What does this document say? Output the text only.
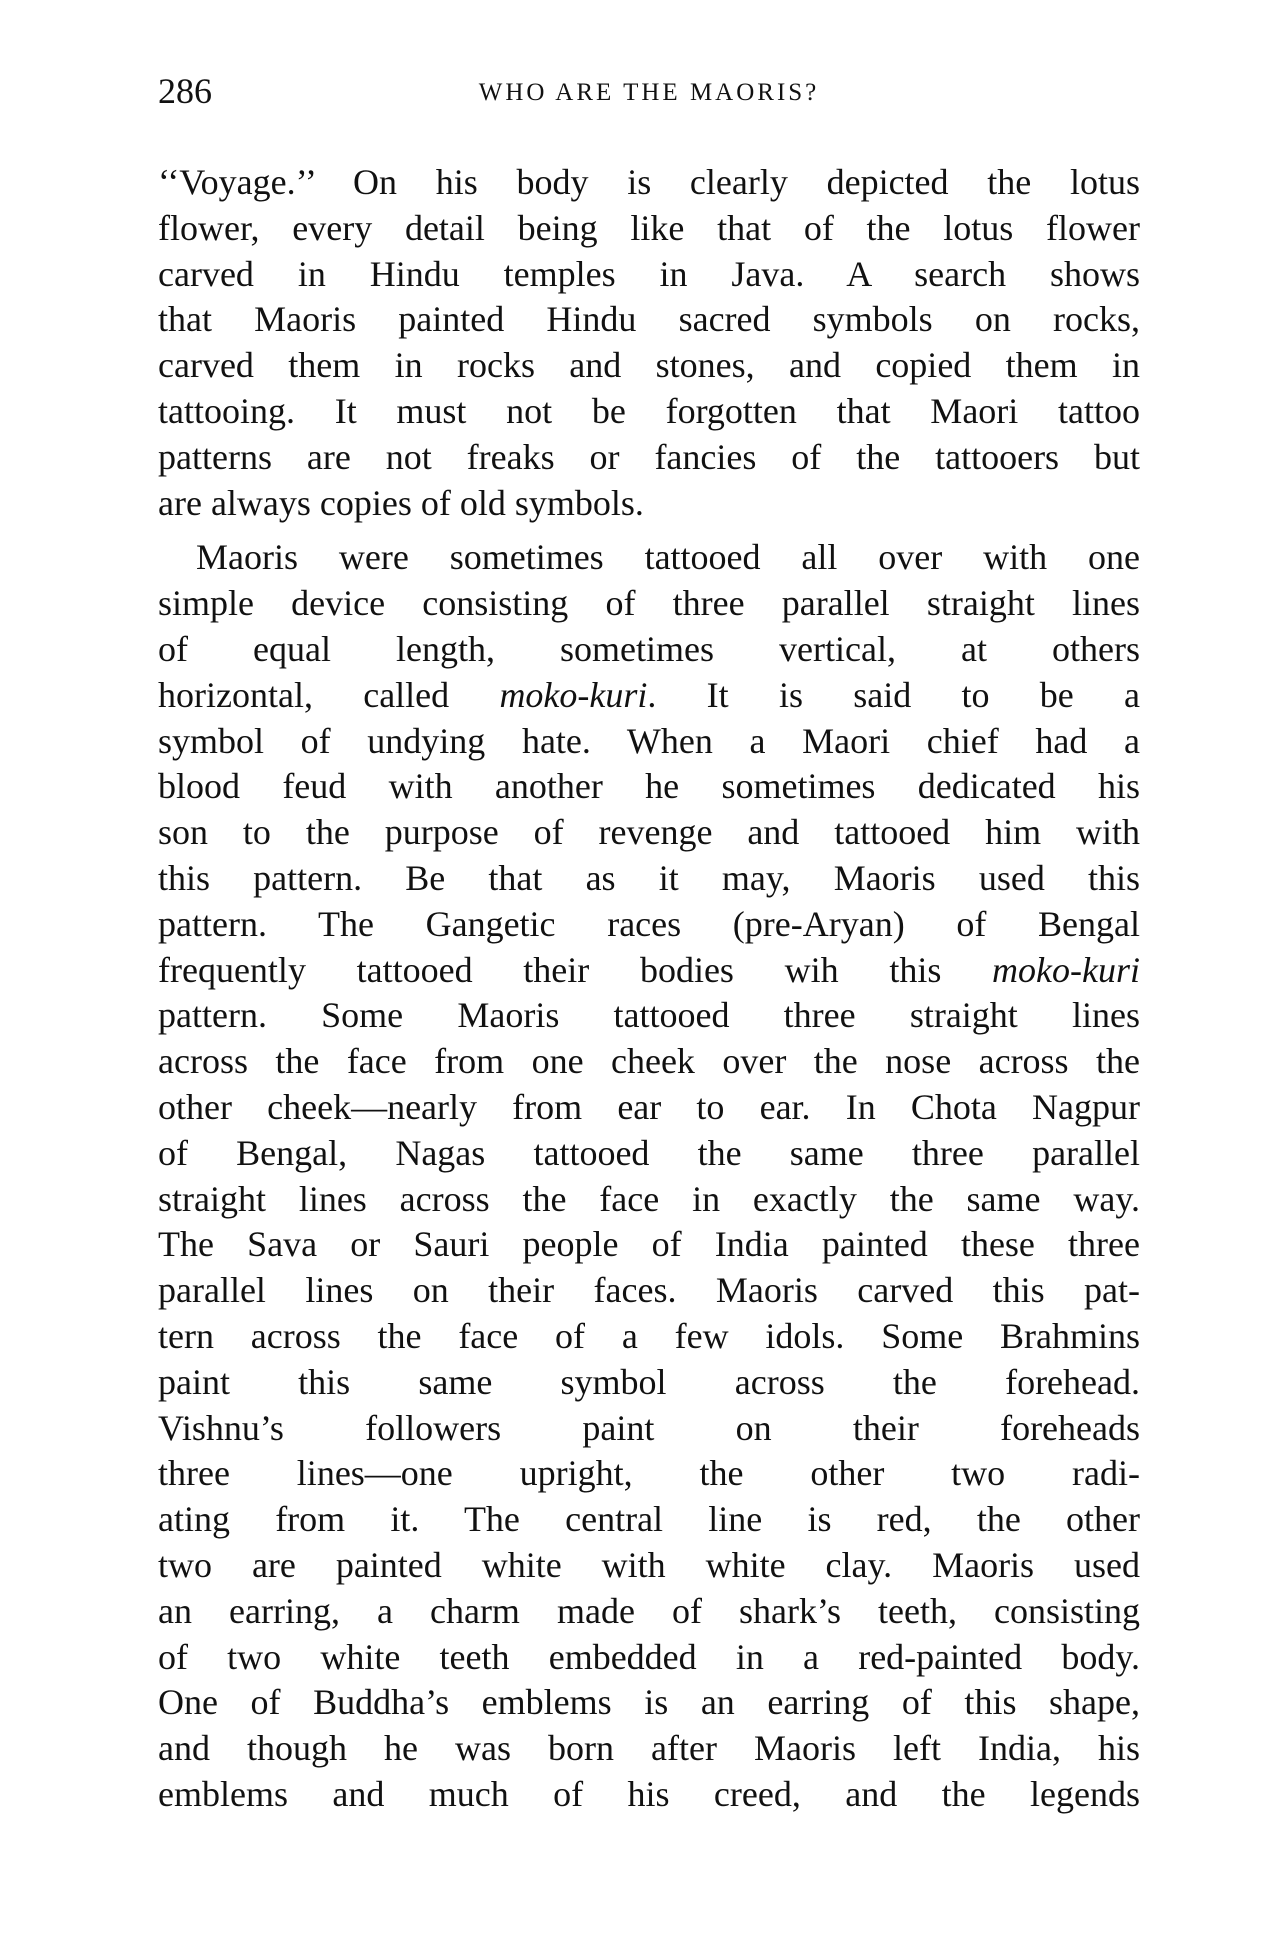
286	WHO ARE THE MAORIS?
‘‘Voyage.’’ On his body is clearly depicted the lotus
flower, every detail being like that of the lotus flower
carved in Hindu temples in Java. A search shows
that Maoris painted Hindu sacred symbols on rocks,
carved them in rocks and stones, and copied them in
tattooing. It must not be forgotten that Maori tattoo
patterns are not freaks or fancies of the tattooers but
are always copies of old symbols.
Maoris were sometimes tattooed all over with one
simple device consisting of three parallel straight lines
of equal length, sometimes vertical, at others
horizontal, called moko-kuri. It is said to be a
symbol of undying hate. When a Maori chief had a
blood feud with another he sometimes dedicated his
son to the purpose of revenge and tattooed him with
this pattern. Be that as it may, Maoris used this
pattern. The Gangetic races (pre-Aryan) of Bengal
frequently tattooed their bodies wih this moko-kuri
pattern. Some Maoris tattooed three straight lines
across the face from one cheek over the nose across the
other cheek—nearly from ear to ear. In Chota Nagpur
of Bengal, Nagas tattooed the same three parallel
straight lines across the face in exactly the same way.
The Sava or Sauri people of India painted these three
parallel lines on their faces. Maoris carved this pat-
tern across the face of a few idols. Some Brahmins
paint this same symbol across the forehead.
Vishnu’s followers paint on their foreheads
three lines—one upright, the other two radi-
ating from it. The central line is red, the other
two are painted white with white clay. Maoris used
an earring, a charm made of shark’s teeth, consisting
of two white teeth embedded in a red-painted body.
One of Buddha’s emblems is an earring of this shape,
and though he was born after Maoris left India, his
emblems and much of his creed, and the legends
